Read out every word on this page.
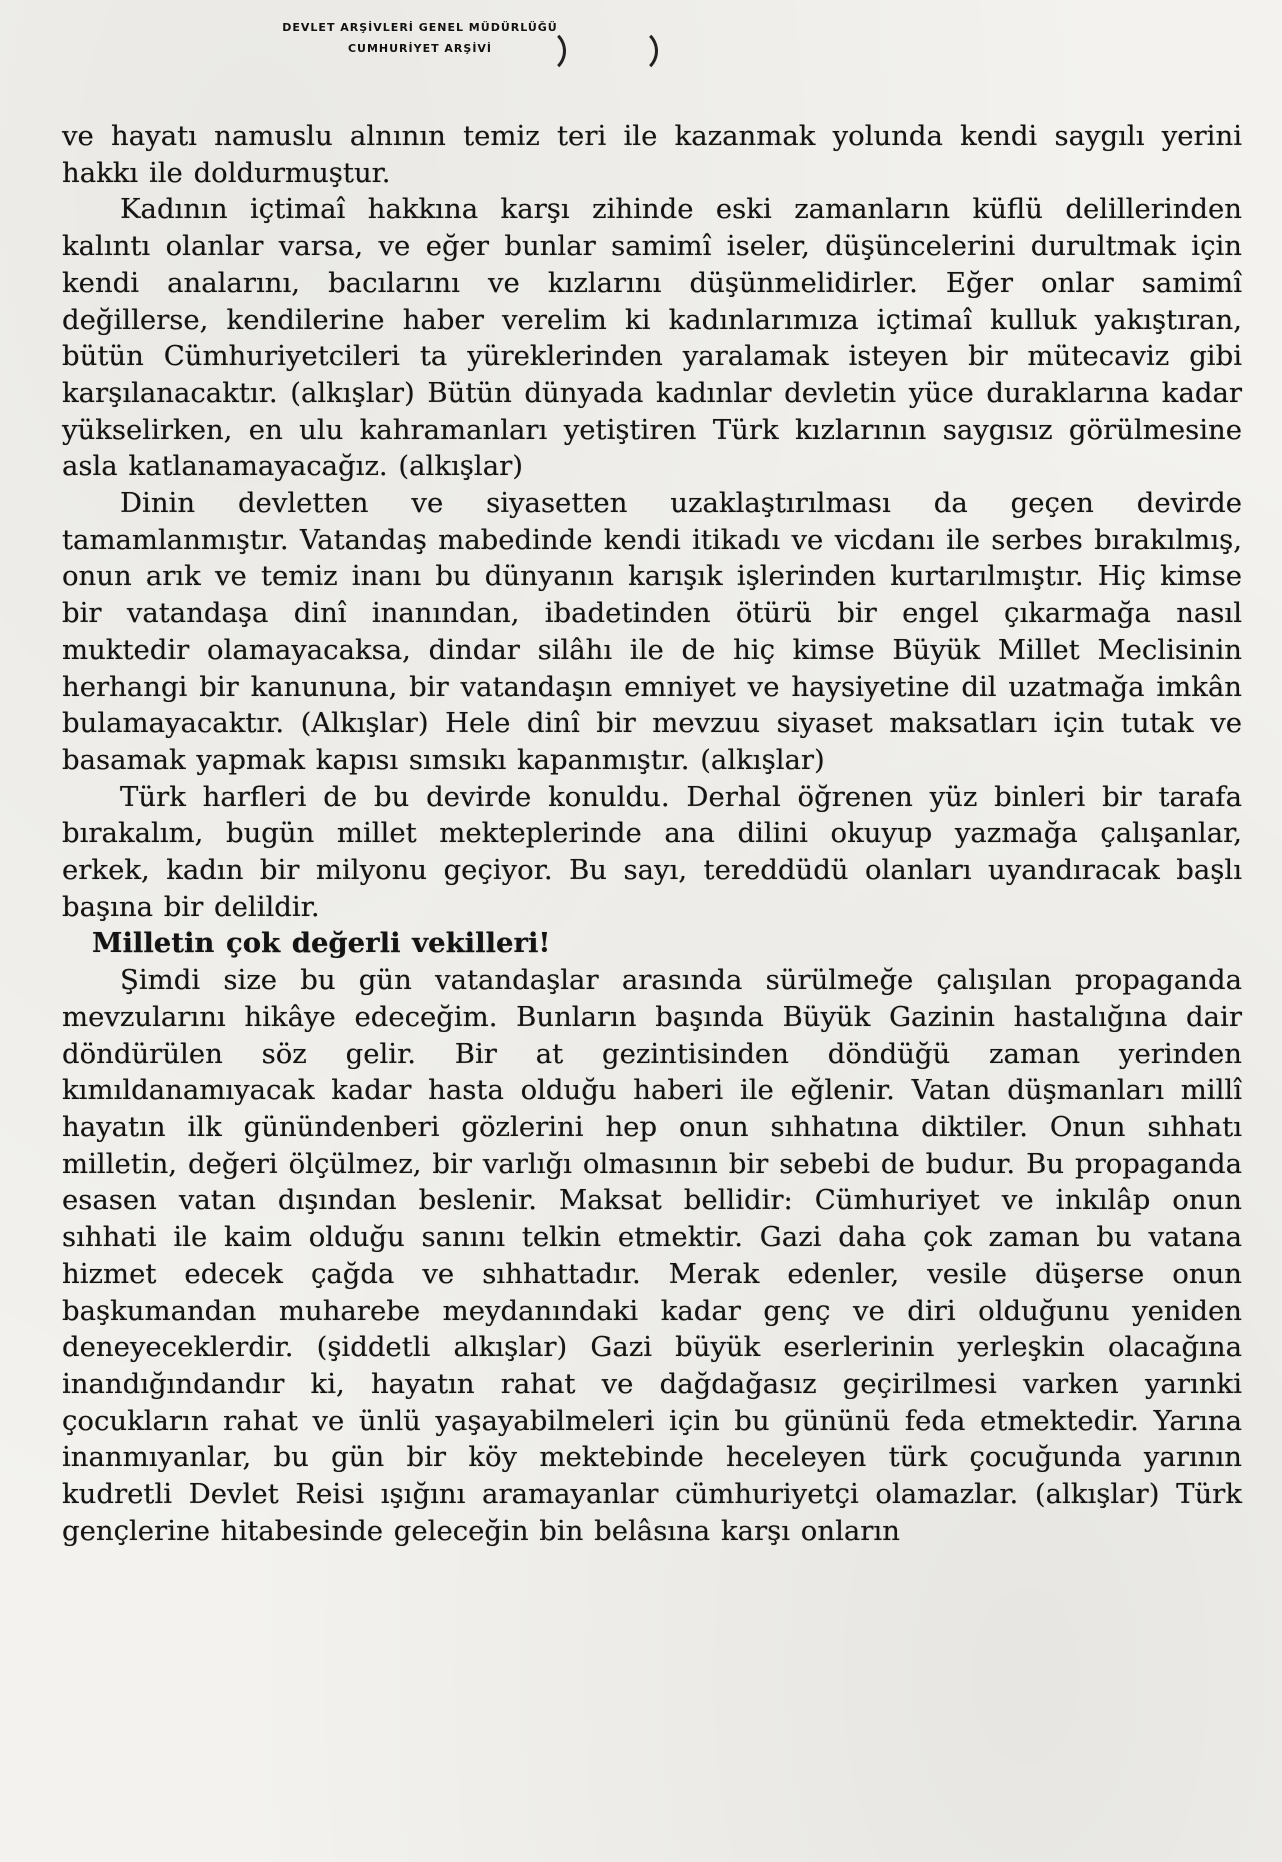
DEVLET ARŞİVLERİ GENEL MÜDÜRLÜĞÜ
CUMHURİYET ARŞİVİ

ve hayatı namuslu alnının temiz teri ile kazanmak yolunda kendi saygılı yerini hakkı ile doldurmuştur.

Kadının içtimaî hakkına karşı zihinde eski zamanların küflü delillerinden kalıntı olanlar varsa, ve eğer bunlar samimî iseler, düşüncelerini durultmak için kendi analarını, bacılarını ve kızlarını düşünmelidirler. Eğer onlar samimî değillerse, kendilerine haber verelim ki kadınlarımıza içtimaî kulluk yakıştıran, bütün Cümhuriyetcileri ta yüreklerinden yaralamak isteyen bir mütecaviz gibi karşılanacaktır. (alkışlar) Bütün dünyada kadınlar devletin yüce duraklarına kadar yükselirken, en ulu kahramanları yetiştiren Türk kızlarının saygısız görülmesine asla katlanamayacağız. (alkışlar)

Dinin devletten ve siyasetten uzaklaştırılması da geçen devirde tamamlanmıştır. Vatandaş mabedinde kendi itikadı ve vicdanı ile serbes bırakılmış, onun arık ve temiz inanı bu dünyanın karışık işlerinden kurtarılmıştır. Hiç kimse bir vatandaşa dinî inanından, ibadetinden ötürü bir engel çıkarmağa nasıl muktedir olamayacaksa, dindar silâhı ile de hiç kimse Büyük Millet Meclisinin herhangi bir kanununa, bir vatandaşın emniyet ve haysiyetine dil uzatmağa imkân bulamayacaktır. (Alkışlar) Hele dinî bir mevzuu siyaset maksatları için tutak ve basamak yapmak kapısı sımsıkı kapanmıştır. (alkışlar)

Türk harfleri de bu devirde konuldu. Derhal öğrenen yüz binleri bir tarafa bırakalım, bugün millet mekteplerinde ana dilini okuyup yazmağa çalışanlar, erkek, kadın bir milyonu geçiyor. Bu sayı, tereddüdü olanları uyandıracak başlı başına bir delildir.

Milletin çok değerli vekilleri!

Şimdi size bu gün vatandaşlar arasında sürülmeğe çalışılan propaganda mevzularını hikâye edeceğim. Bunların başında Büyük Gazinin hastalığına dair döndürülen söz gelir. Bir at gezintisinden döndüğü zaman yerinden kımıldanamıyacak kadar hasta olduğu haberi ile eğlenir. Vatan düşmanları millî hayatın ilk günündenberi gözlerini hep onun sıhhatına diktiler. Onun sıhhatı milletin, değeri ölçülmez, bir varlığı olmasının bir sebebi de budur. Bu propaganda esasen vatan dışından beslenir. Maksat bellidir: Cümhuriyet ve inkılâp onun sıhhati ile kaim olduğu sanını telkin etmektir. Gazi daha çok zaman bu vatana hizmet edecek çağda ve sıhhattadır. Merak edenler, vesile düşerse onun başkumandan muharebe meydanındaki kadar genç ve diri olduğunu yeniden deneyeceklerdir. (şiddetli alkışlar) Gazi büyük eserlerinin yerleşkin olacağına inandığındandır ki, hayatın rahat ve dağdağasız geçirilmesi varken yarınki çocukların rahat ve ünlü yaşayabilmeleri için bu gününü feda etmektedir. Yarına inanmıyanlar, bu gün bir köy mektebinde heceleyen türk çocuğunda yarının kudretli Devlet Reisi ışığını aramayanlar cümhuriyetçi olamazlar. (alkışlar) Türk gençlerine hitabesinde geleceğin bin belâsına karşı onların
